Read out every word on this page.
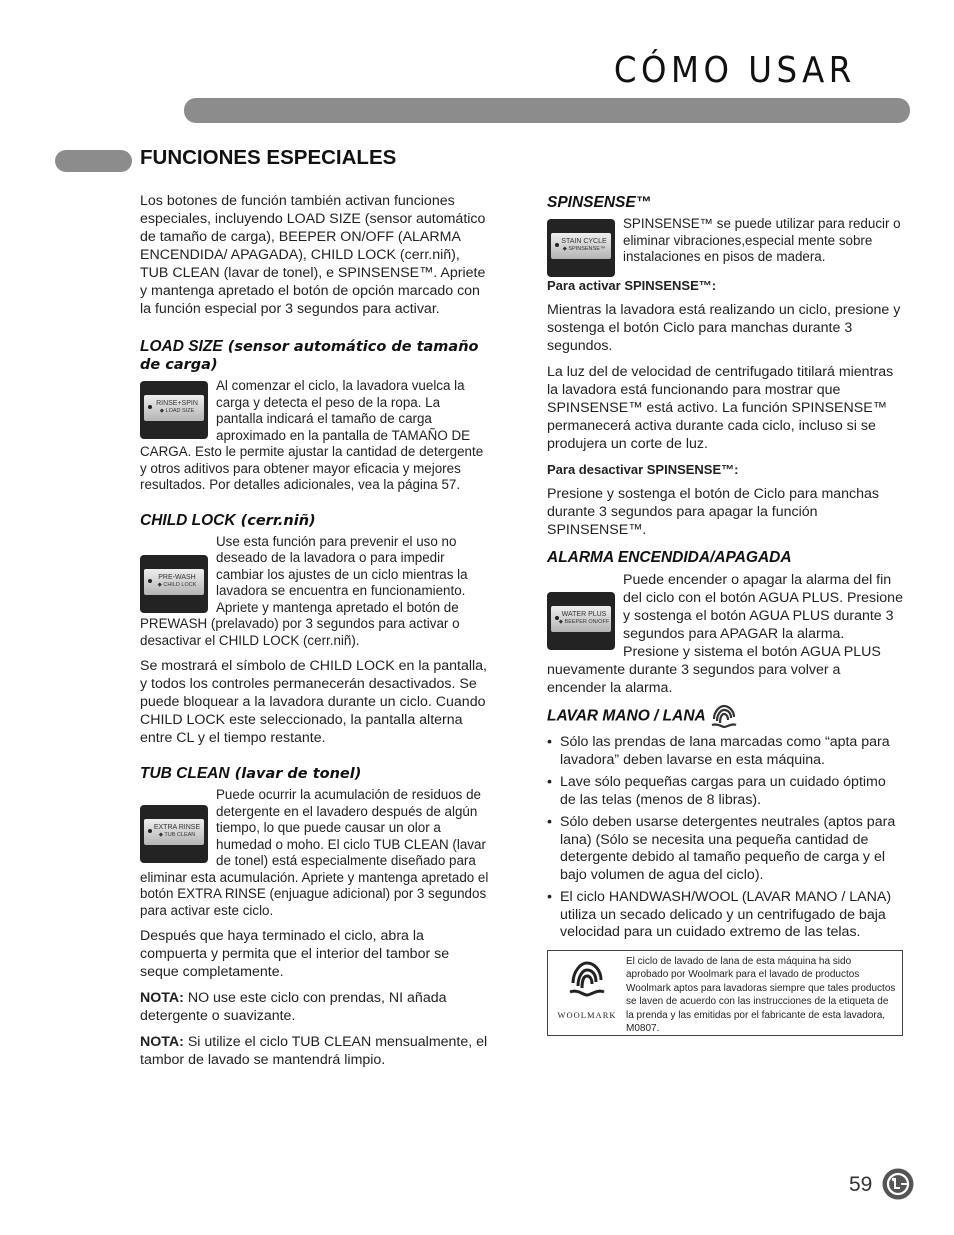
CÓMO USAR
FUNCIONES ESPECIALES

Los botones de función también activan funciones especiales, incluyendo LOAD SIZE (sensor automático de tamaño de carga), BEEPER ON/OFF (ALARMA ENCENDIDA/ APAGADA), CHILD LOCK (cerr.niñ), TUB CLEAN (lavar de tonel), e SPINSENSE™. Apriete y mantenga apretado el botón de opción marcado con la función especial por 3 segundos para activar.

LOAD SIZE (sensor automático de tamaño de carga)
RINSE+SPIN
◆ LOAD SIZE

Al comenzar el ciclo, la lavadora vuelca la carga y detecta el peso de la ropa. La pantalla indicará el tamaño de carga aproximado en la pantalla de TAMAÑO DE CARGA. Esto le permite ajustar la cantidad de detergente y otros aditivos para obtener mayor eficacia y mejores resultados. Por detalles adicionales, vea la página 57.

CHILD LOCK (cerr.niñ)
PRE-WASH
◆ CHILD LOCK

Use esta función para prevenir el uso no deseado de la lavadora o para impedir cambiar los ajustes de un ciclo mientras la lavadora se encuentra en funcionamiento. Apriete y mantenga apretado el botón de PREWASH (prelavado) por 3 segundos para activar o desactivar el CHILD LOCK (cerr.niñ).

Se mostrará el símbolo de CHILD LOCK en la pantalla, y todos los controles permanecerán desactivados. Se puede bloquear a la lavadora durante un ciclo. Cuando CHILD LOCK este seleccionado, la pantalla alterna entre CL y el tiempo restante.

TUB CLEAN (lavar de tonel)
EXTRA RINSE
◆ TUB CLEAN

Puede ocurrir la acumulación de residuos de detergente en el lavadero después de algún tiempo, lo que puede causar un olor a humedad o moho. El ciclo TUB CLEAN (lavar de tonel) está especialmente diseñado para eliminar esta acumulación. Apriete y mantenga apretado el botón EXTRA RINSE (enjuague adicional) por 3 segundos para activar este ciclo.

Después que haya terminado el ciclo, abra la compuerta y permita que el interior del tambor se seque completamente.

NOTA: NO use este ciclo con prendas, NI añada detergente o suavizante.

NOTA: Si utilize el ciclo TUB CLEAN mensualmente, el tambor de lavado se mantendrá limpio.

SPINSENSE™
STAIN CYCLE
◆ SPINSENSE™

SPINSENSE™ se puede utilizar para reducir o eliminar vibraciones,especial mente sobre instalaciones en pisos de madera.

Para activar SPINSENSE™:

Mientras la lavadora está realizando un ciclo, presione y sostenga el botón Ciclo para manchas durante 3 segundos.

La luz del de velocidad de centrifugado titilará mientras la lavadora está funcionando para mostrar que SPINSENSE™ está activo. La función SPINSENSE™ permanecerá activa durante cada ciclo, incluso si se produjera un corte de luz.

Para desactivar SPINSENSE™:

Presione y sostenga el botón de Ciclo para manchas durante 3 segundos para apagar la función SPINSENSE™.

ALARMA ENCENDIDA/APAGADA
WATER PLUS
◆ BEEPER ON/OFF

Puede encender o apagar la alarma del fin del ciclo con el botón AGUA PLUS. Presione y sostenga el botón AGUA PLUS durante 3 segundos para APAGAR la alarma. Presione y sistema el botón AGUA PLUS nuevamente durante 3 segundos para volver a encender la alarma.

LAVAR MANO / LANA
• Sólo las prendas de lana marcadas como “apta para lavadora” deben lavarse en esta máquina.
• Lave sólo pequeñas cargas para un cuidado óptimo de las telas (menos de 8 libras).
• Sólo deben usarse detergentes neutrales (aptos para lana) (Sólo se necesita una pequeña cantidad de detergente debido al tamaño pequeño de carga y el bajo volumen de agua del ciclo).
• El ciclo HANDWASH/WOOL (LAVAR MANO / LANA) utiliza un secado delicado y un centrifugado de baja velocidad para un cuidado extremo de las telas.
WOOLMARK
El ciclo de lavado de lana de esta máquina ha sido aprobado por Woolmark para el lavado de productos Woolmark aptos para lavadoras siempre que tales productos se laven de acuerdo con las instrucciones de la etiqueta de la prenda y las emitidas por el fabricante de esta lavadora, M0807.
59
